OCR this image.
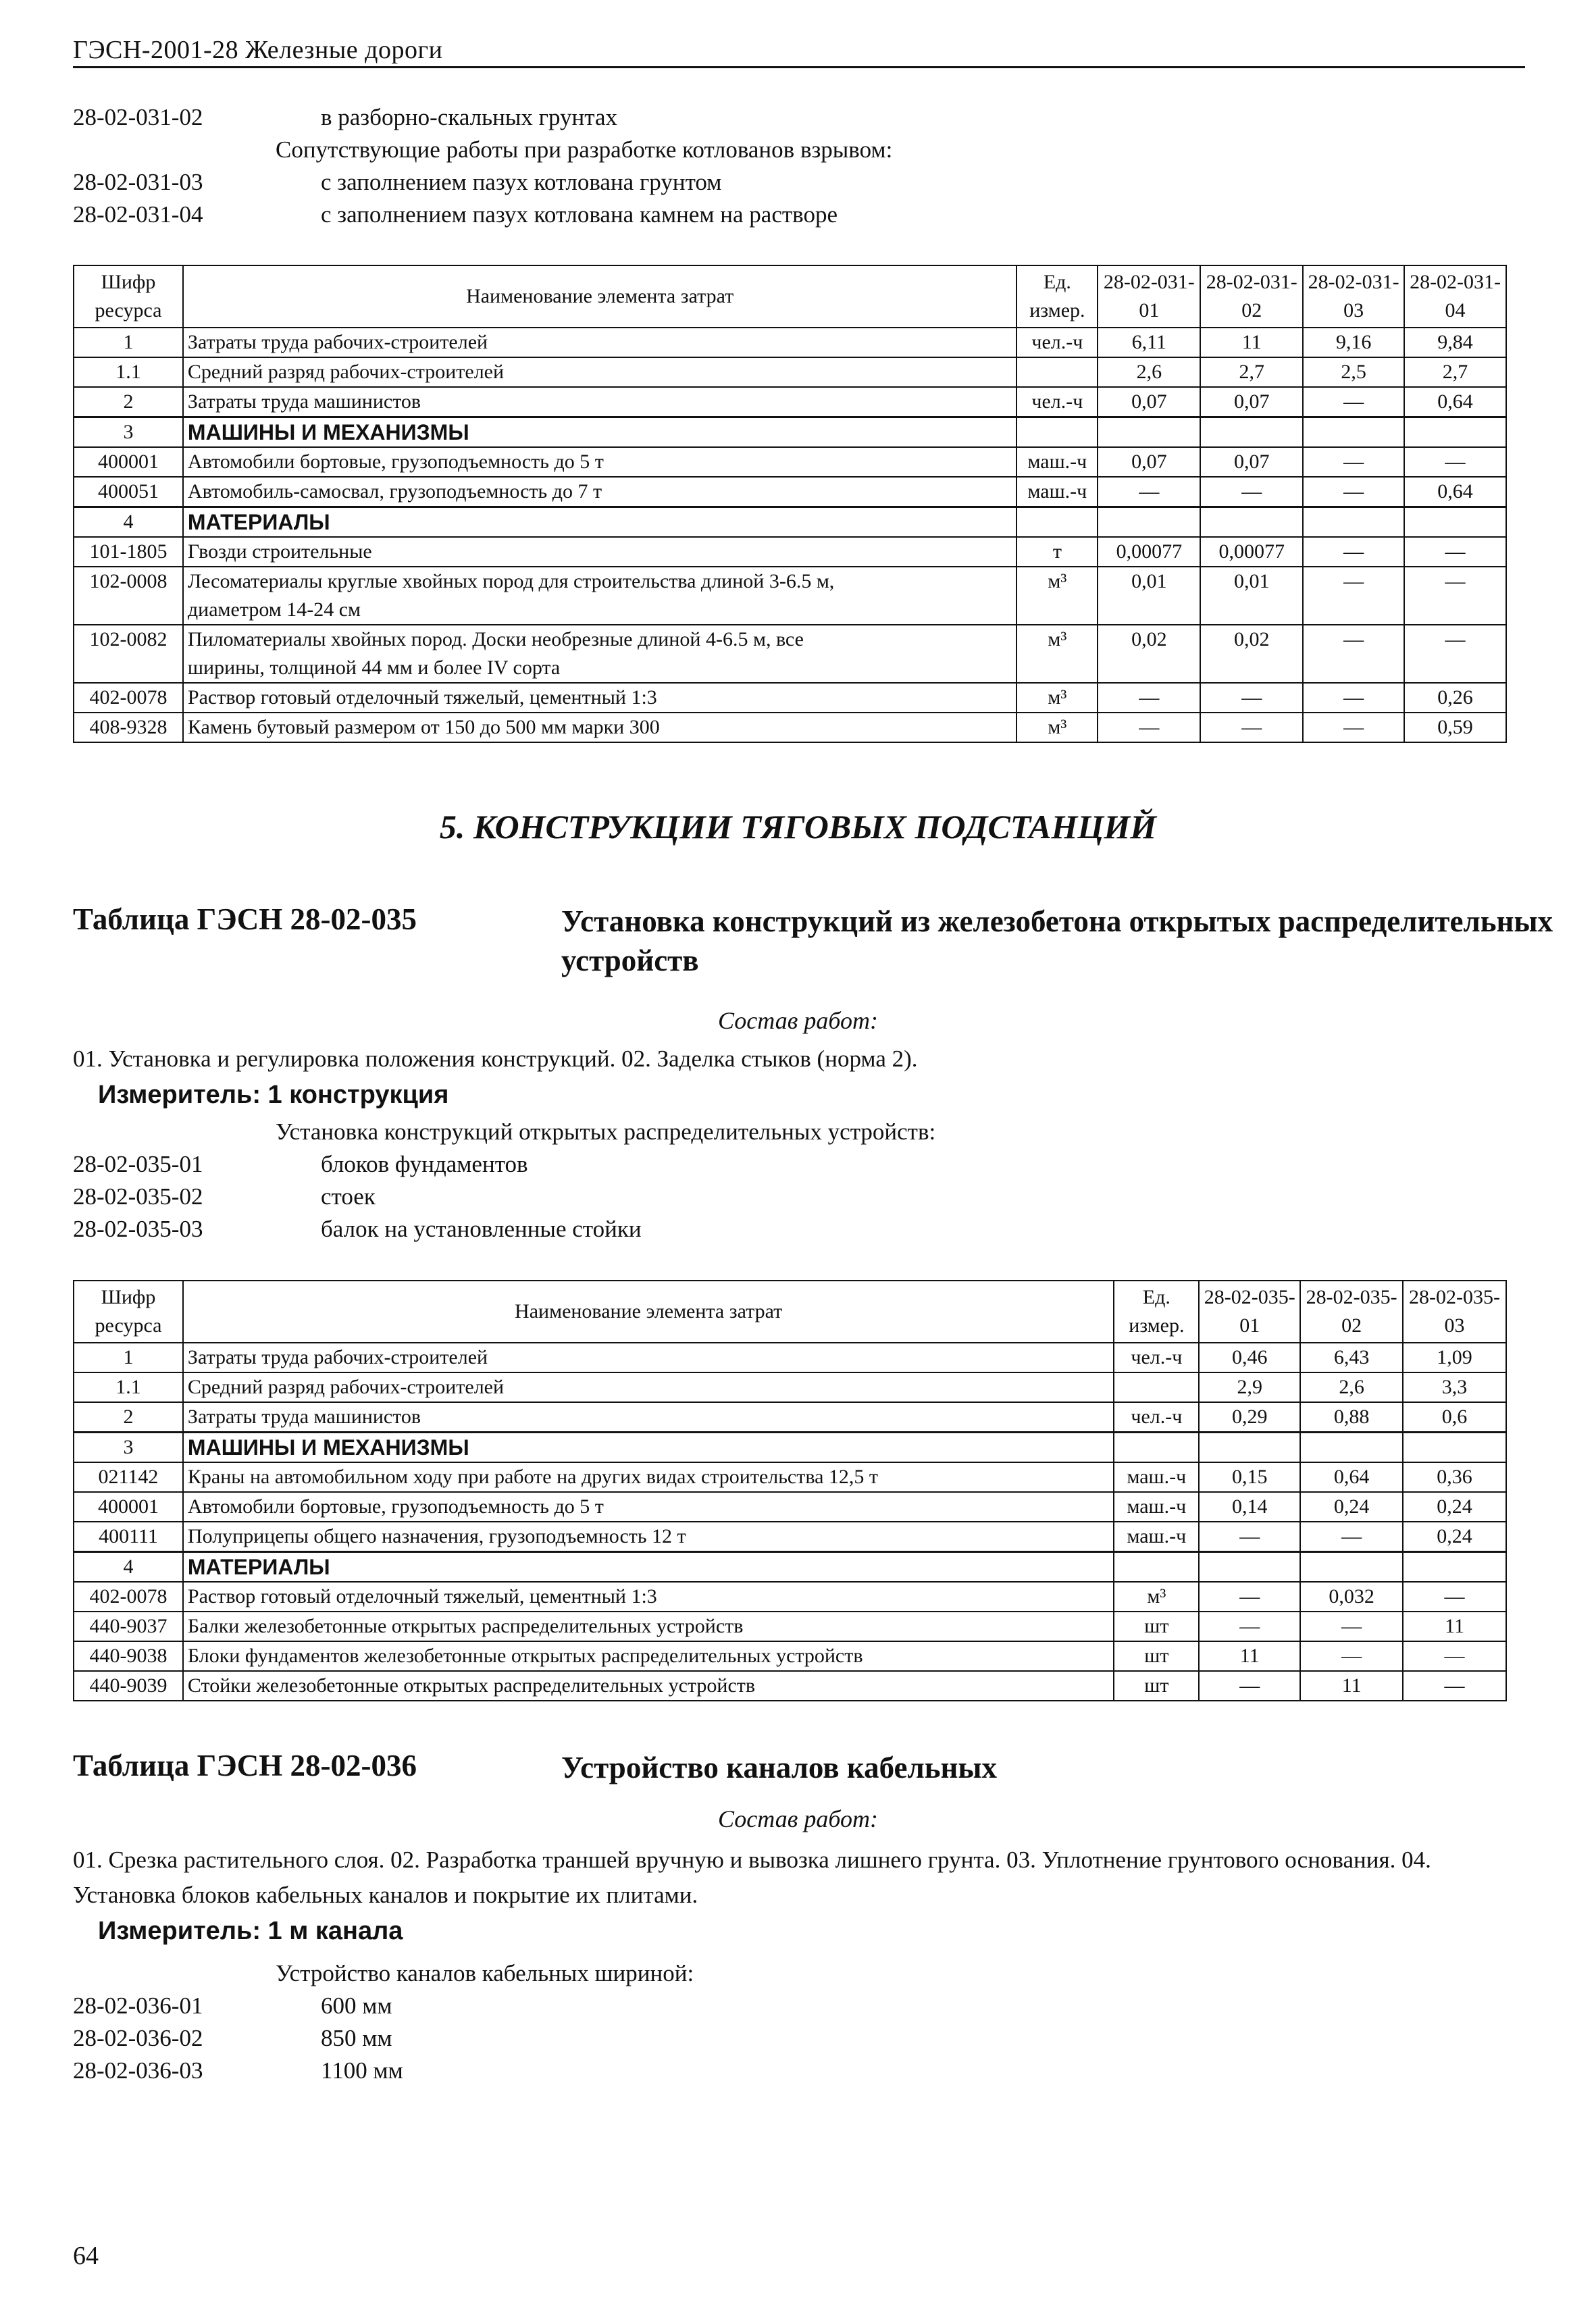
ГЭСН-2001-28 Железные дороги
28-02-031-02	в разборно-скальных грунтах
Сопутствующие работы при разработке котлованов взрывом:
28-02-031-03	с заполнением пазух котлована грунтом
28-02-031-04	с заполнением пазух котлована камнем на растворе
Шифр ресурса	Наименование элемента затрат	Ед. измер.	28-02-031-01	28-02-031-02	28-02-031-03	28-02-031-04
1	Затраты труда рабочих-строителей	чел.-ч	6,11	11	9,16	9,84
1.1	Средний разряд рабочих-строителей		2,6	2,7	2,5	2,7
2	Затраты труда машинистов	чел.-ч	0,07	0,07	—	0,64
3	МАШИНЫ И МЕХАНИЗМЫ					
400001	Автомобили бортовые, грузоподъемность до 5 т	маш.-ч	0,07	0,07	—	—
400051	Автомобиль-самосвал, грузоподъемность до 7 т	маш.-ч	—	—	—	0,64
4	МАТЕРИАЛЫ					
101-1805	Гвозди строительные	т	0,00077	0,00077	—	—
102-0008	Лесоматериалы круглые хвойных пород для строительства длиной 3-6.5 м,	м³	0,01	0,01	—	—
	диаметром 14-24 см					
102-0082	Пиломатериалы хвойных пород. Доски необрезные длиной 4-6.5 м, все	м³	0,02	0,02	—	—
	ширины, толщиной 44 мм и более IV сорта					
402-0078	Раствор готовый отделочный тяжелый, цементный 1:3	м³	—	—	—	0,26
408-9328	Камень бутовый размером от 150 до 500 мм марки 300	м³	—	—	—	0,59
5. КОНСТРУКЦИИ ТЯГОВЫХ ПОДСТАНЦИЙ
Таблица ГЭСН 28-02-035	Установка конструкций из железобетона открытых распределительных устройств
Состав работ:
01. Установка и регулировка положения конструкций. 02. Заделка стыков (норма 2).
Измеритель: 1 конструкция
Установка конструкций открытых распределительных устройств:
28-02-035-01	блоков фундаментов
28-02-035-02	стоек
28-02-035-03	балок на установленные стойки
Шифр ресурса	Наименование элемента затрат	Ед. измер.	28-02-035-01	28-02-035-02	28-02-035-03
1	Затраты труда рабочих-строителей	чел.-ч	0,46	6,43	1,09
1.1	Средний разряд рабочих-строителей		2,9	2,6	3,3
2	Затраты труда машинистов	чел.-ч	0,29	0,88	0,6
3	МАШИНЫ И МЕХАНИЗМЫ				
021142	Краны на автомобильном ходу при работе на других видах строительства 12,5 т	маш.-ч	0,15	0,64	0,36
400001	Автомобили бортовые, грузоподъемность до 5 т	маш.-ч	0,14	0,24	0,24
400111	Полуприцепы общего назначения, грузоподъемность 12 т	маш.-ч	—	—	0,24
4	МАТЕРИАЛЫ				
402-0078	Раствор готовый отделочный тяжелый, цементный 1:3	м³	—	0,032	—
440-9037	Балки железобетонные открытых распределительных устройств	шт	—	—	11
440-9038	Блоки фундаментов железобетонные открытых распределительных устройств	шт	11	—	—
440-9039	Стойки железобетонные открытых распределительных устройств	шт	—	11	—
Таблица ГЭСН 28-02-036	Устройство каналов кабельных
Состав работ:
01. Срезка растительного слоя. 02. Разработка траншей вручную и вывозка лишнего грунта. 03. Уплотнение грунтового основания. 04. Установка блоков кабельных каналов и покрытие их плитами.
Измеритель: 1 м канала
Устройство каналов кабельных шириной:
28-02-036-01	600 мм
28-02-036-02	850 мм
28-02-036-03	1100 мм
64
